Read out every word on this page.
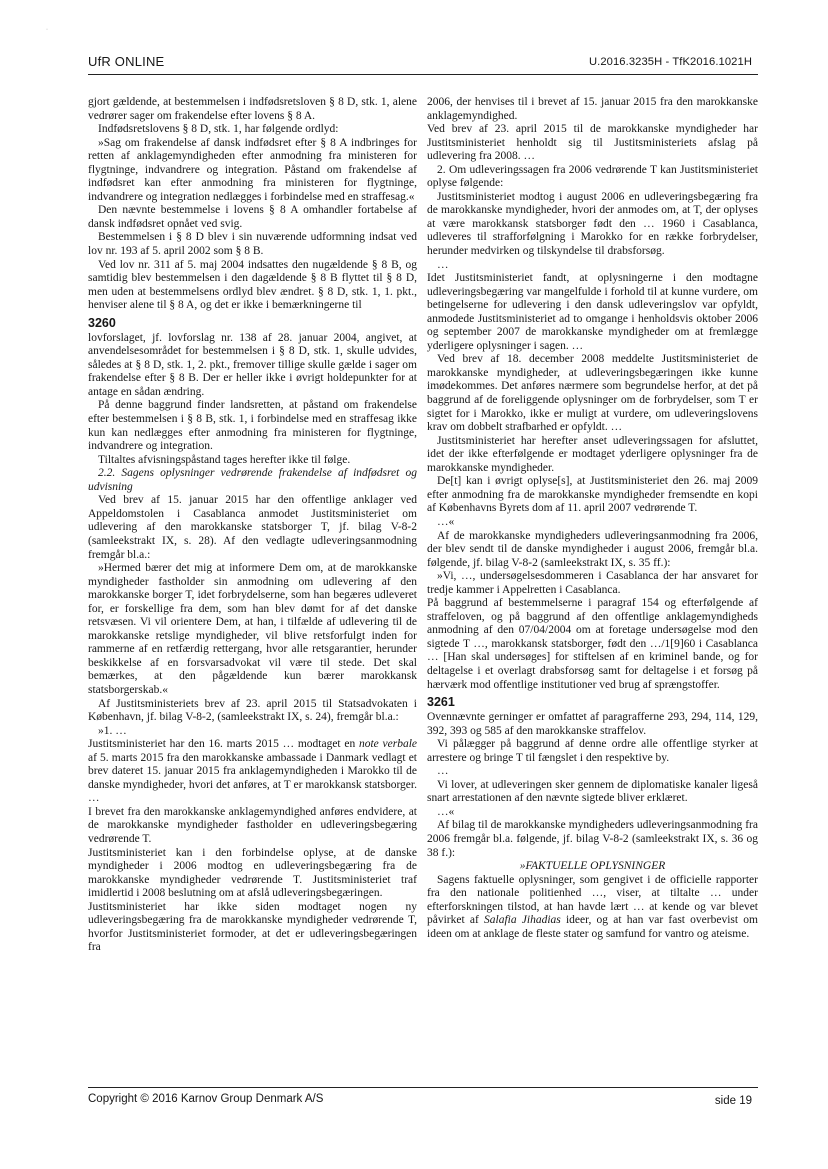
·
UfR ONLINE	U.2016.3235H - TfK2016.1021H

gjort gældende, at bestemmelsen i indfødsretsloven § 8 D, stk. 1, alene vedrører sager om frakendelse efter lovens § 8 A.

Indfødsretslovens § 8 D, stk. 1, har følgende ordlyd:

»Sag om frakendelse af dansk indfødsret efter § 8 A indbringes for retten af anklagemyndigheden efter anmodning fra ministeren for flygtninge, indvandrere og integration. Påstand om frakendelse af indfødsret kan efter anmodning fra ministeren for flygtninge, indvandrere og integration nedlægges i forbindelse med en straffesag.«

Den nævnte bestemmelse i lovens § 8 A omhandler fortabelse af dansk indfødsret opnået ved svig.

Bestemmelsen i § 8 D blev i sin nuværende udformning indsat ved lov nr. 193 af 5. april 2002 som § 8 B.

Ved lov nr. 311 af 5. maj 2004 indsattes den nugældende § 8 B, og samtidig blev bestemmelsen i den dagældende § 8 B flyttet til § 8 D, men uden at bestemmelsens ordlyd blev ændret. § 8 D, stk. 1, 1. pkt., henviser alene til § 8 A, og det er ikke i bemærkningerne til

3260

lovforslaget, jf. lovforslag nr. 138 af 28. januar 2004, angivet, at anvendelsesområdet for bestemmelsen i § 8 D, stk. 1, skulle udvides, således at § 8 D, stk. 1, 2. pkt., fremover tillige skulle gælde i sager om frakendelse efter § 8 B. Der er heller ikke i øvrigt holdepunkter for at antage en sådan ændring.

På denne baggrund finder landsretten, at påstand om frakendelse efter bestemmelsen i § 8 B, stk. 1, i forbindelse med en straffesag ikke kun kan nedlægges efter anmodning fra ministeren for flygtninge, indvandrere og integration.

Tiltaltes afvisningspåstand tages herefter ikke til følge.

2.2. Sagens oplysninger vedrørende frakendelse af indfødsret og udvisning

Ved brev af 15. januar 2015 har den offentlige anklager ved Appeldomstolen i Casablanca anmodet Justitsministeriet om udlevering af den marokkanske statsborger T, jf. bilag V-8-2 (samleekstrakt IX, s. 28). Af den vedlagte udleveringsanmodning fremgår bl.a.:

»Hermed bærer det mig at informere Dem om, at de marokkanske myndigheder fastholder sin anmodning om udlevering af den marokkanske borger T, idet forbrydelserne, som han begæres udleveret for, er forskellige fra dem, som han blev dømt for af det danske retsvæsen. Vi vil orientere Dem, at han, i tilfælde af udlevering til de marokkanske retslige myndigheder, vil blive retsforfulgt inden for rammerne af en retfærdig rettergang, hvor alle retsgarantier, herunder beskikkelse af en forsvarsadvokat vil være til stede. Det skal bemærkes, at den pågældende kun bærer marokkansk statsborgerskab.«

Af Justitsministeriets brev af 23. april 2015 til Statsadvokaten i København, jf. bilag V-8-2, (samleekstrakt IX, s. 24), fremgår bl.a.:

»1. …

Justitsministeriet har den 16. marts 2015 … modtaget en note verbale af 5. marts 2015 fra den marokkanske ambassade i Danmark vedlagt et brev dateret 15. januar 2015 fra anklagemyndigheden i Marokko til de danske myndigheder, hvori det anføres, at T er marokkansk statsborger. …

I brevet fra den marokkanske anklagemyndighed anføres endvidere, at de marokkanske myndigheder fastholder en udleveringsbegæring vedrørende T.

Justitsministeriet kan i den forbindelse oplyse, at de danske myndigheder i 2006 modtog en udleveringsbegæring fra de marokkanske myndigheder vedrørende T. Justitsministeriet traf imidlertid i 2008 beslutning om at afslå udleveringsbegæringen.

Justitsministeriet har ikke siden modtaget nogen ny udleveringsbegæring fra de marokkanske myndigheder vedrørende T, hvorfor Justitsministeriet formoder, at det er udleveringsbegæringen fra

2006, der henvises til i brevet af 15. januar 2015 fra den marokkanske anklagemyndighed.

Ved brev af 23. april 2015 til de marokkanske myndigheder har Justitsministeriet henholdt sig til Justitsministeriets afslag på udlevering fra 2008. …

2. Om udleveringssagen fra 2006 vedrørende T kan Justitsministeriet oplyse følgende:

Justitsministeriet modtog i august 2006 en udleveringsbegæring fra de marokkanske myndigheder, hvori der anmodes om, at T, der oplyses at være marokkansk statsborger født den … 1960 i Casablanca, udleveres til strafforfølgning i Marokko for en række forbrydelser, herunder medvirken og tilskyndelse til drabsforsøg.

…

Idet Justitsministeriet fandt, at oplysningerne i den modtagne udleveringsbegæring var mangelfulde i forhold til at kunne vurdere, om betingelserne for udlevering i den dansk udleveringslov var opfyldt, anmodede Justitsministeriet ad to omgange i henholdsvis oktober 2006 og september 2007 de marokkanske myndigheder om at fremlægge yderligere oplysninger i sagen. …

Ved brev af 18. december 2008 meddelte Justitsministeriet de marokkanske myndigheder, at udleveringsbegæringen ikke kunne imødekommes. Det anføres nærmere som begrundelse herfor, at det på baggrund af de foreliggende oplysninger om de forbrydelser, som T er sigtet for i Marokko, ikke er muligt at vurdere, om udleveringslovens krav om dobbelt strafbarhed er opfyldt. …

Justitsministeriet har herefter anset udleveringssagen for afsluttet, idet der ikke efterfølgende er modtaget yderligere oplysninger fra de marokkanske myndigheder.

De[t] kan i øvrigt oplyse[s], at Justitsministeriet den 26. maj 2009 efter anmodning fra de marokkanske myndigheder fremsendte en kopi af Københavns Byrets dom af 11. april 2007 vedrørende T.

…«

Af de marokkanske myndigheders udleveringsanmodning fra 2006, der blev sendt til de danske myndigheder i august 2006, fremgår bl.a. følgende, jf. bilag V-8-2 (samleekstrakt IX, s. 35 ff.):

»Vi, …, undersøgelsesdommeren i Casablanca der har ansvaret for tredje kammer i Appelretten i Casablanca.

På baggrund af bestemmelserne i paragraf 154 og efterfølgende af straffeloven, og på baggrund af den offentlige anklagemyndigheds anmodning af den 07/04/2004 om at foretage undersøgelse mod den sigtede T …, marokkansk statsborger, født den …/1[9]60 i Casablanca … [Han skal undersøges] for stiftelsen af en kriminel bande, og for deltagelse i et overlagt drabsforsøg samt for deltagelse i et forsøg på hærværk mod offentlige institutioner ved brug af sprængstoffer.

3261

Ovennævnte gerninger er omfattet af paragrafferne 293, 294, 114, 129, 392, 393 og 585 af den marokkanske straffelov.

Vi pålægger på baggrund af denne ordre alle offentlige styrker at arrestere og bringe T til fængslet i den respektive by.

…

Vi lover, at udleveringen sker gennem de diplomatiske kanaler ligeså snart arrestationen af den nævnte sigtede bliver erklæret.

…«

Af bilag til de marokkanske myndigheders udleveringsanmodning fra 2006 fremgår bl.a. følgende, jf. bilag V-8-2 (samleekstrakt IX, s. 36 og 38 f.):

»FAKTUELLE OPLYSNINGER

Sagens faktuelle oplysninger, som gengivet i de officielle rapporter fra den nationale politienhed …, viser, at tiltalte … under efterforskningen tilstod, at han havde lært … at kende og var blevet påvirket af Salafia Jihadias ideer, og at han var fast overbevist om ideen om at anklage de fleste stater og samfund for vantro og ateisme.

Copyright © 2016 Karnov Group Denmark A/S	side 19
